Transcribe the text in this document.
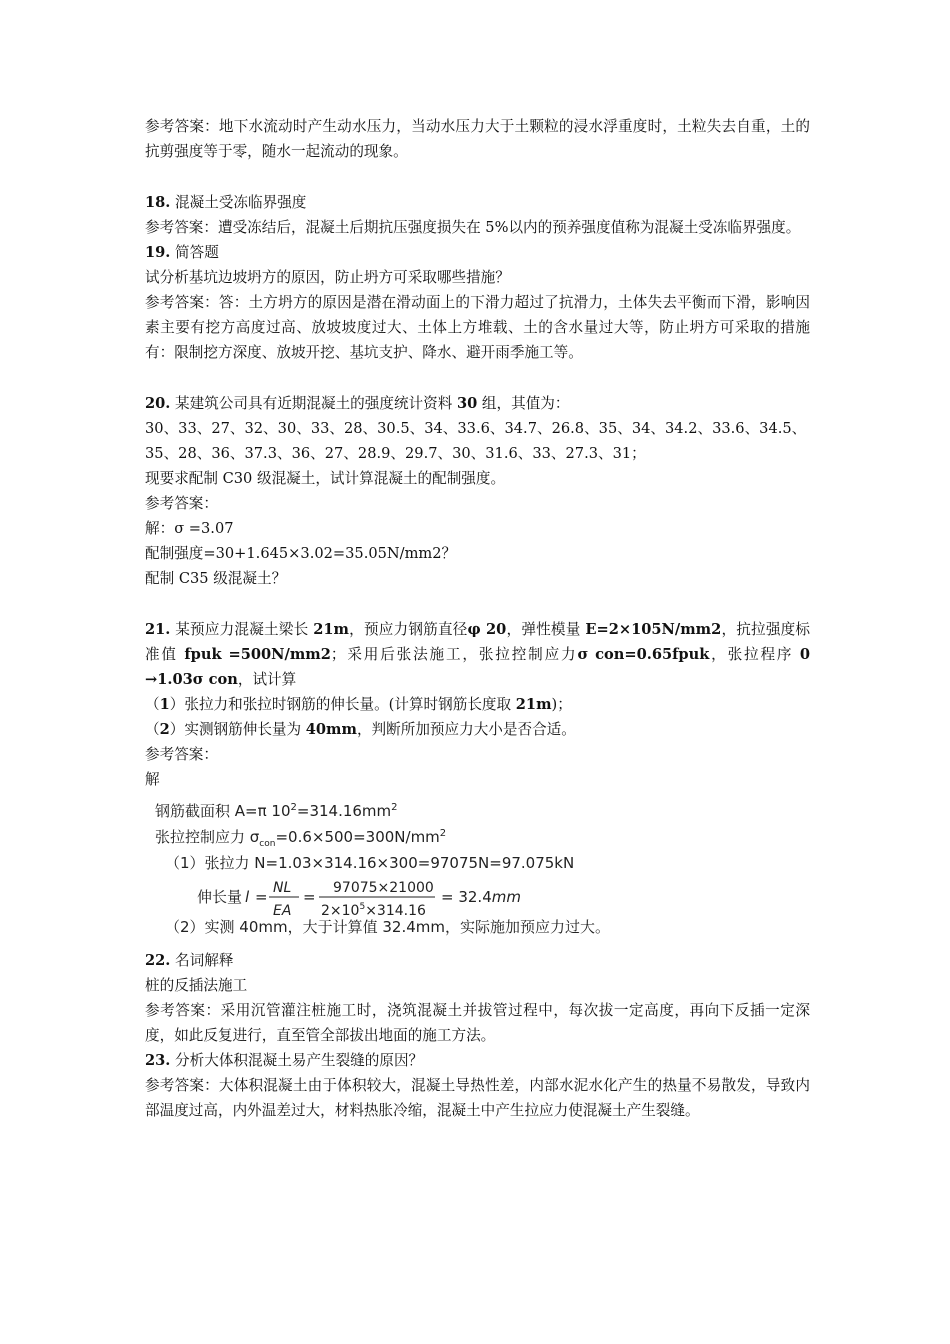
参考答案：地下水流动时产生动水压力，当动水压力大于土颗粒的浸水浮重度时，土粒失去自重，土的抗剪强度等于零，随水一起流动的现象。

18. 混凝土受冻临界强度

参考答案：遭受冻结后，混凝土后期抗压强度损失在 5%以内的预养强度值称为混凝土受冻临界强度。

19. 简答题

试分析基坑边坡坍方的原因，防止坍方可采取哪些措施？

参考答案：答：土方坍方的原因是潜在滑动面上的下滑力超过了抗滑力，土体失去平衡而下滑，影响因素主要有挖方高度过高、放坡坡度过大、土体上方堆载、土的含水量过大等，防止坍方可采取的措施有：限制挖方深度、放坡开挖、基坑支护、降水、避开雨季施工等。

20. 某建筑公司具有近期混凝土的强度统计资料 30 组，其值为：

30、33、27、32、30、33、28、30.5、34、33.6、34.7、26.8、35、34、34.2、33.6、34.5、

35、28、36、37.3、36、27、28.9、29.7、30、31.6、33、27.3、31；

现要求配制 C30 级混凝土，试计算混凝土的配制强度。

参考答案：

解：σ =3.07

配制强度=30+1.645×3.02=35.05N/mm2？

配制 C35 级混凝土？

21. 某预应力混凝土梁长 21m，预应力钢筋直径φ 20，弹性模量 E=2×105N/mm2，抗拉强度标准值 fpuk =500N/mm2；采用后张法施工，张拉控制应力σ con=0.65fpuk，张拉程序 0 →1.03σ con，试计算

（1）张拉力和张拉时钢筋的伸长量。(计算时钢筋长度取 21m)；

（2）实测钢筋伸长量为 40mm，判断所加预应力大小是否合适。

参考答案：

解

钢筋截面积 A=π $10^2=314.16mm^2$
张拉控制应力 $\sigma_{con}=0.6\times 500=300N/mm^2$
（1）张拉力 N=1.03×314.16×300=97075N=97.075kN
伸长量 l = NL
EA
= 97075×21000
$2\times 10^5\times 314.16$
= 32.4mm
（2）实测 40mm，大于计算值 32.4mm，实际施加预应力过大。

22. 名词解释

桩的反插法施工

参考答案：采用沉管灌注桩施工时，浇筑混凝土并拔管过程中，每次拔一定高度，再向下反插一定深度，如此反复进行，直至管全部拔出地面的施工方法。

23. 分析大体积混凝土易产生裂缝的原因？

参考答案：大体积混凝土由于体积较大，混凝土导热性差，内部水泥水化产生的热量不易散发，导致内部温度过高，内外温差过大，材料热胀冷缩，混凝土中产生拉应力使混凝土产生裂缝。
